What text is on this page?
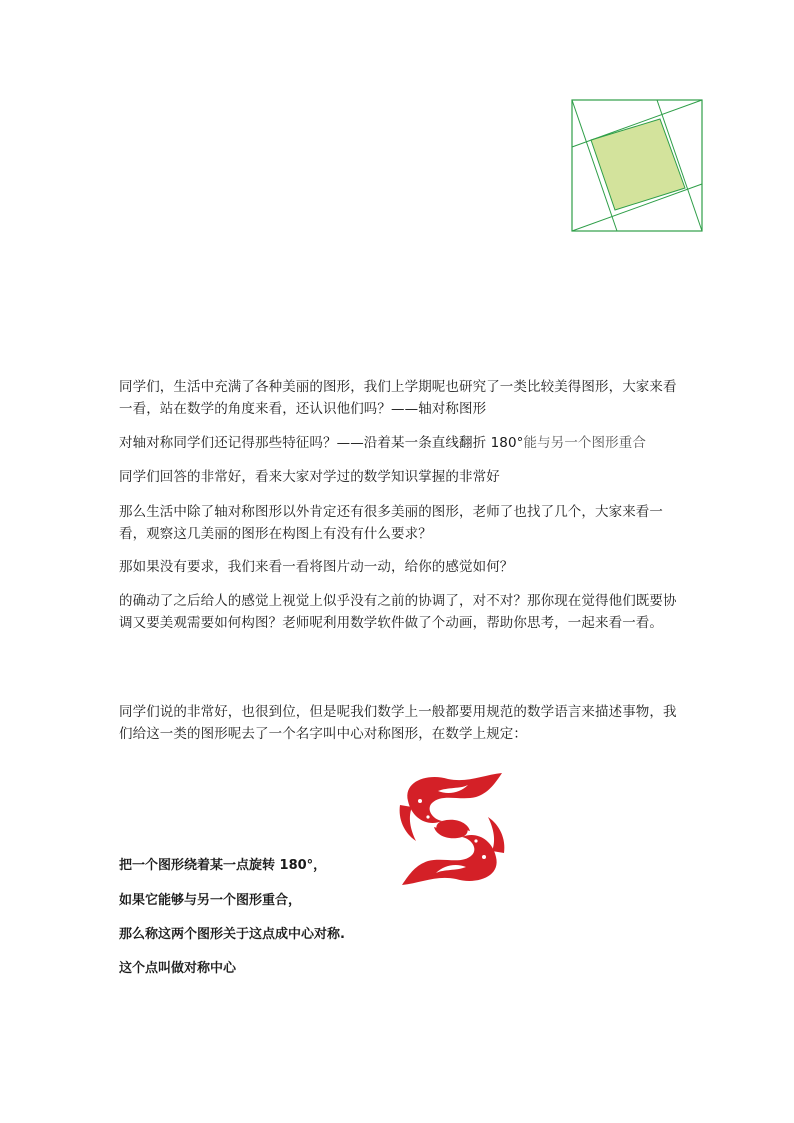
同学们，生活中充满了各种美丽的图形，我们上学期呢也研究了一类比较美得图形，大家来看一看，站在数学的角度来看，还认识他们吗？——轴对称图形

对轴对称同学们还记得那些特征吗？——沿着某一条直线翻折 180°能与另一个图形重合

同学们回答的非常好，看来大家对学过的数学知识掌握的非常好

那么生活中除了轴对称图形以外肯定还有很多美丽的图形，老师了也找了几个，大家来看一看，观察这几美丽的图形在构图上有没有什么要求？

那如果没有要求，我们来看一看将图片动一动，给你的感觉如何？

的确动了之后给人的感觉上视觉上似乎没有之前的协调了，对不对？那你现在觉得他们既要协调又要美观需要如何构图？老师呢利用数学软件做了个动画，帮助你思考，一起来看一看。

同学们说的非常好，也很到位，但是呢我们数学上一般都要用规范的数学语言来描述事物，我们给这一类的图形呢去了一个名字叫中心对称图形，在数学上规定：

把一个图形绕着某一点旋转 180°，

如果它能够与另一个图形重合，

那么称这两个图形关于这点成中心对称.

这个点叫做对称中心
